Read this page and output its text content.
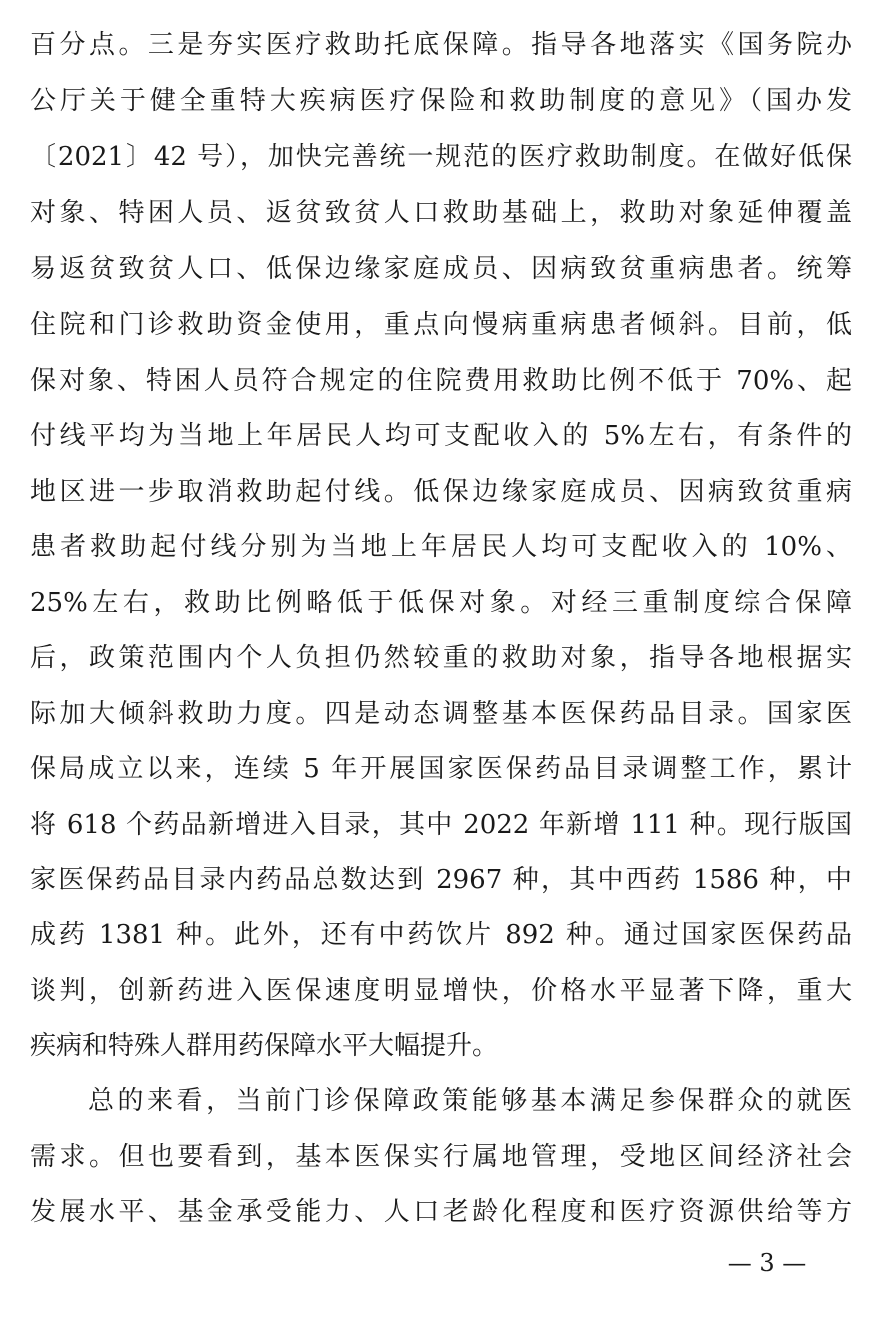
百分点。三是夯实医疗救助托底保障。指导各地落实《国务院办
公厅关于健全重特大疾病医疗保险和救助制度的意见》（国办发
〔2021〕42 号），加快完善统一规范的医疗救助制度。在做好低保
对象、特困人员、返贫致贫人口救助基础上，救助对象延伸覆盖
易返贫致贫人口、低保边缘家庭成员、因病致贫重病患者。统筹
住院和门诊救助资金使用，重点向慢病重病患者倾斜。目前，低
保对象、特困人员符合规定的住院费用救助比例不低于 70%、起
付线平均为当地上年居民人均可支配收入的 5%左右，有条件的
地区进一步取消救助起付线。低保边缘家庭成员、因病致贫重病
患者救助起付线分别为当地上年居民人均可支配收入的 10%、
25%左右，救助比例略低于低保对象。对经三重制度综合保障
后，政策范围内个人负担仍然较重的救助对象，指导各地根据实
际加大倾斜救助力度。四是动态调整基本医保药品目录。国家医
保局成立以来，连续 5 年开展国家医保药品目录调整工作，累计
将 618 个药品新增进入目录，其中 2022 年新增 111 种。现行版国
家医保药品目录内药品总数达到 2967 种，其中西药 1586 种，中
成药 1381 种。此外，还有中药饮片 892 种。通过国家医保药品
谈判，创新药进入医保速度明显增快，价格水平显著下降，重大
疾病和特殊人群用药保障水平大幅提升。
总的来看，当前门诊保障政策能够基本满足参保群众的就医
需求。但也要看到，基本医保实行属地管理，受地区间经济社会
发展水平、基金承受能力、人口老龄化程度和医疗资源供给等方
— 3 —
